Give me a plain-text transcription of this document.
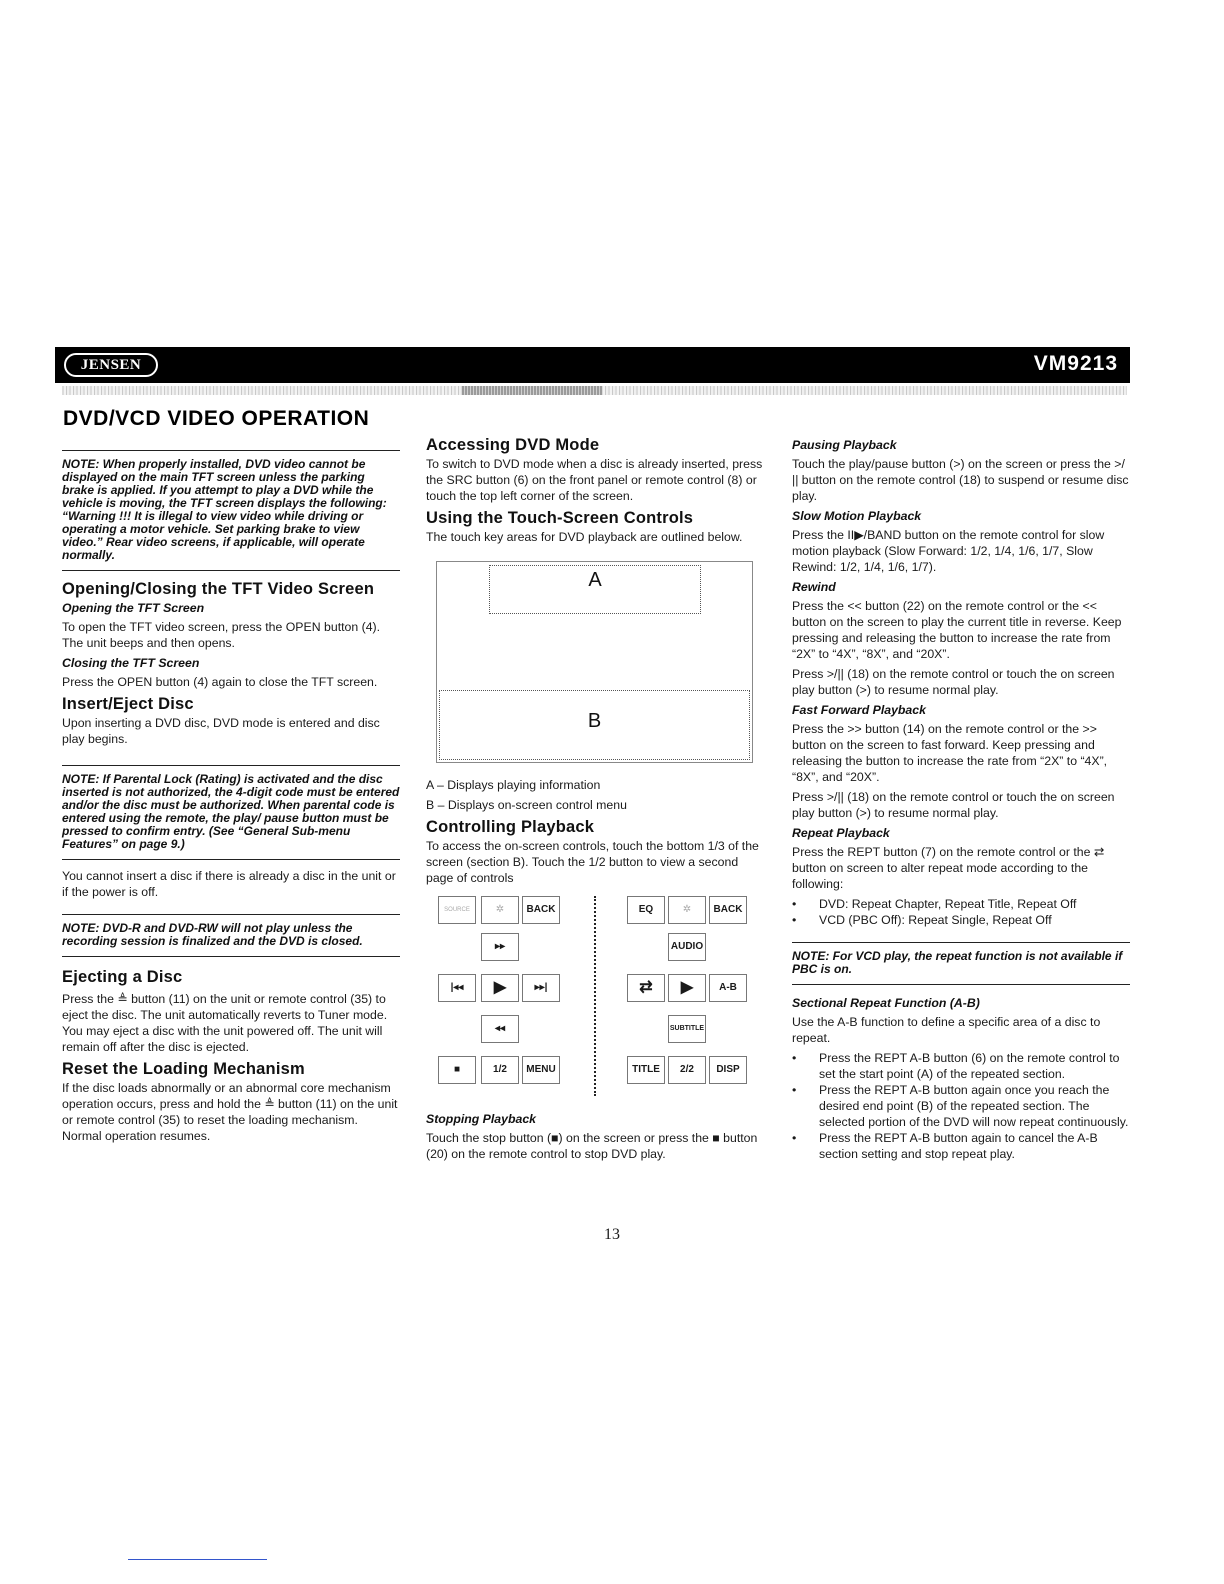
JENSEN	VM9213
DVD/VCD VIDEO OPERATION
NOTE: When properly installed, DVD video cannot be displayed on the main TFT screen unless the parking brake is applied. If you attempt to play a DVD while the vehicle is moving, the TFT screen displays the following: “Warning !!! It is illegal to view video while driving or operating a motor vehicle. Set parking brake to view video.” Rear video screens, if applicable, will operate normally.
Opening/Closing the TFT Video Screen
Opening the TFT Screen

To open the TFT video screen, press the OPEN button (4). The unit beeps and then opens.

Closing the TFT Screen

Press the OPEN button (4) again to close the TFT screen.

Insert/Eject Disc

Upon inserting a DVD disc, DVD mode is entered and disc play begins.

NOTE: If Parental Lock (Rating) is activated and the disc inserted is not authorized, the 4-digit code must be entered and/or the disc must be authorized. When parental code is entered using the remote, the play/ pause button must be pressed to confirm entry. (See “General Sub-menu Features” on page 9.)

You cannot insert a disc if there is already a disc in the unit or if the power is off.

NOTE: DVD-R and DVD-RW will not play unless the recording session is finalized and the DVD is closed.
Ejecting a Disc

Press the ≜ button (11) on the unit or remote control (35) to eject the disc. The unit automatically reverts to Tuner mode. You may eject a disc with the unit powered off. The unit will remain off after the disc is ejected.

Reset the Loading Mechanism

If the disc loads abnormally or an abnormal core mechanism operation occurs, press and hold the ≜ button (11) on the unit or remote control (35) to reset the loading mechanism. Normal operation resumes.

Accessing DVD Mode

To switch to DVD mode when a disc is already inserted, press the SRC button (6) on the front panel or remote control (8) or touch the top left corner of the screen.

Using the Touch-Screen Controls

The touch key areas for DVD playback are outlined below.

A
B

A – Displays playing information

B – Displays on-screen control menu

Controlling Playback

To access the on-screen controls, touch the bottom 1/3 of the screen (section B). Touch the 1/2 button to view a second page of controls

SOURCE	✲	BACK
▸▸
|◂◂	▶	▸▸|
◂◂
■	1/2	MENU
EQ	✲	BACK
AUDIO
⇄	▶	A-B
SUBTITLE
TITLE	2/2	DISP
Stopping Playback

Touch the stop button (■) on the screen or press the ■ button (20) on the remote control to stop DVD play.

Pausing Playback

Touch the play/pause button (>) on the screen or press the >/ || button on the remote control (18) to suspend or resume disc play.

Slow Motion Playback

Press the II▶/BAND button on the remote control for slow motion playback (Slow Forward: 1/2, 1/4, 1/6, 1/7, Slow Rewind: 1/2, 1/4, 1/6, 1/7).

Rewind

Press the << button (22) on the remote control or the << button on the screen to play the current title in reverse. Keep pressing and releasing the button to increase the rate from “2X” to “4X”, “8X”, and “20X”.

Press >/|| (18) on the remote control or touch the on screen play button (>) to resume normal play.

Fast Forward Playback

Press the >> button (14) on the remote control or the >> button on the screen to fast forward. Keep pressing and releasing the button to increase the rate from “2X” to “4X”, “8X”, and “20X”.

Press >/|| (18) on the remote control or touch the on screen play button (>) to resume normal play.

Repeat Playback

Press the REPT button (7) on the remote control or the ⇄ button on screen to alter repeat mode according to the following:

• DVD: Repeat Chapter, Repeat Title, Repeat Off
• VCD (PBC Off): Repeat Single, Repeat Off
NOTE: For VCD play, the repeat function is not available if PBC is on.
Sectional Repeat Function (A-B)

Use the A-B function to define a specific area of a disc to repeat.

• Press the REPT A-B button (6) on the remote control to set the start point (A) of the repeated section.
• Press the REPT A-B button again once you reach the desired end point (B) of the repeated section. The selected portion of the DVD will now repeat continuously.
• Press the REPT A-B button again to cancel the A-B section setting and stop repeat play.
13
